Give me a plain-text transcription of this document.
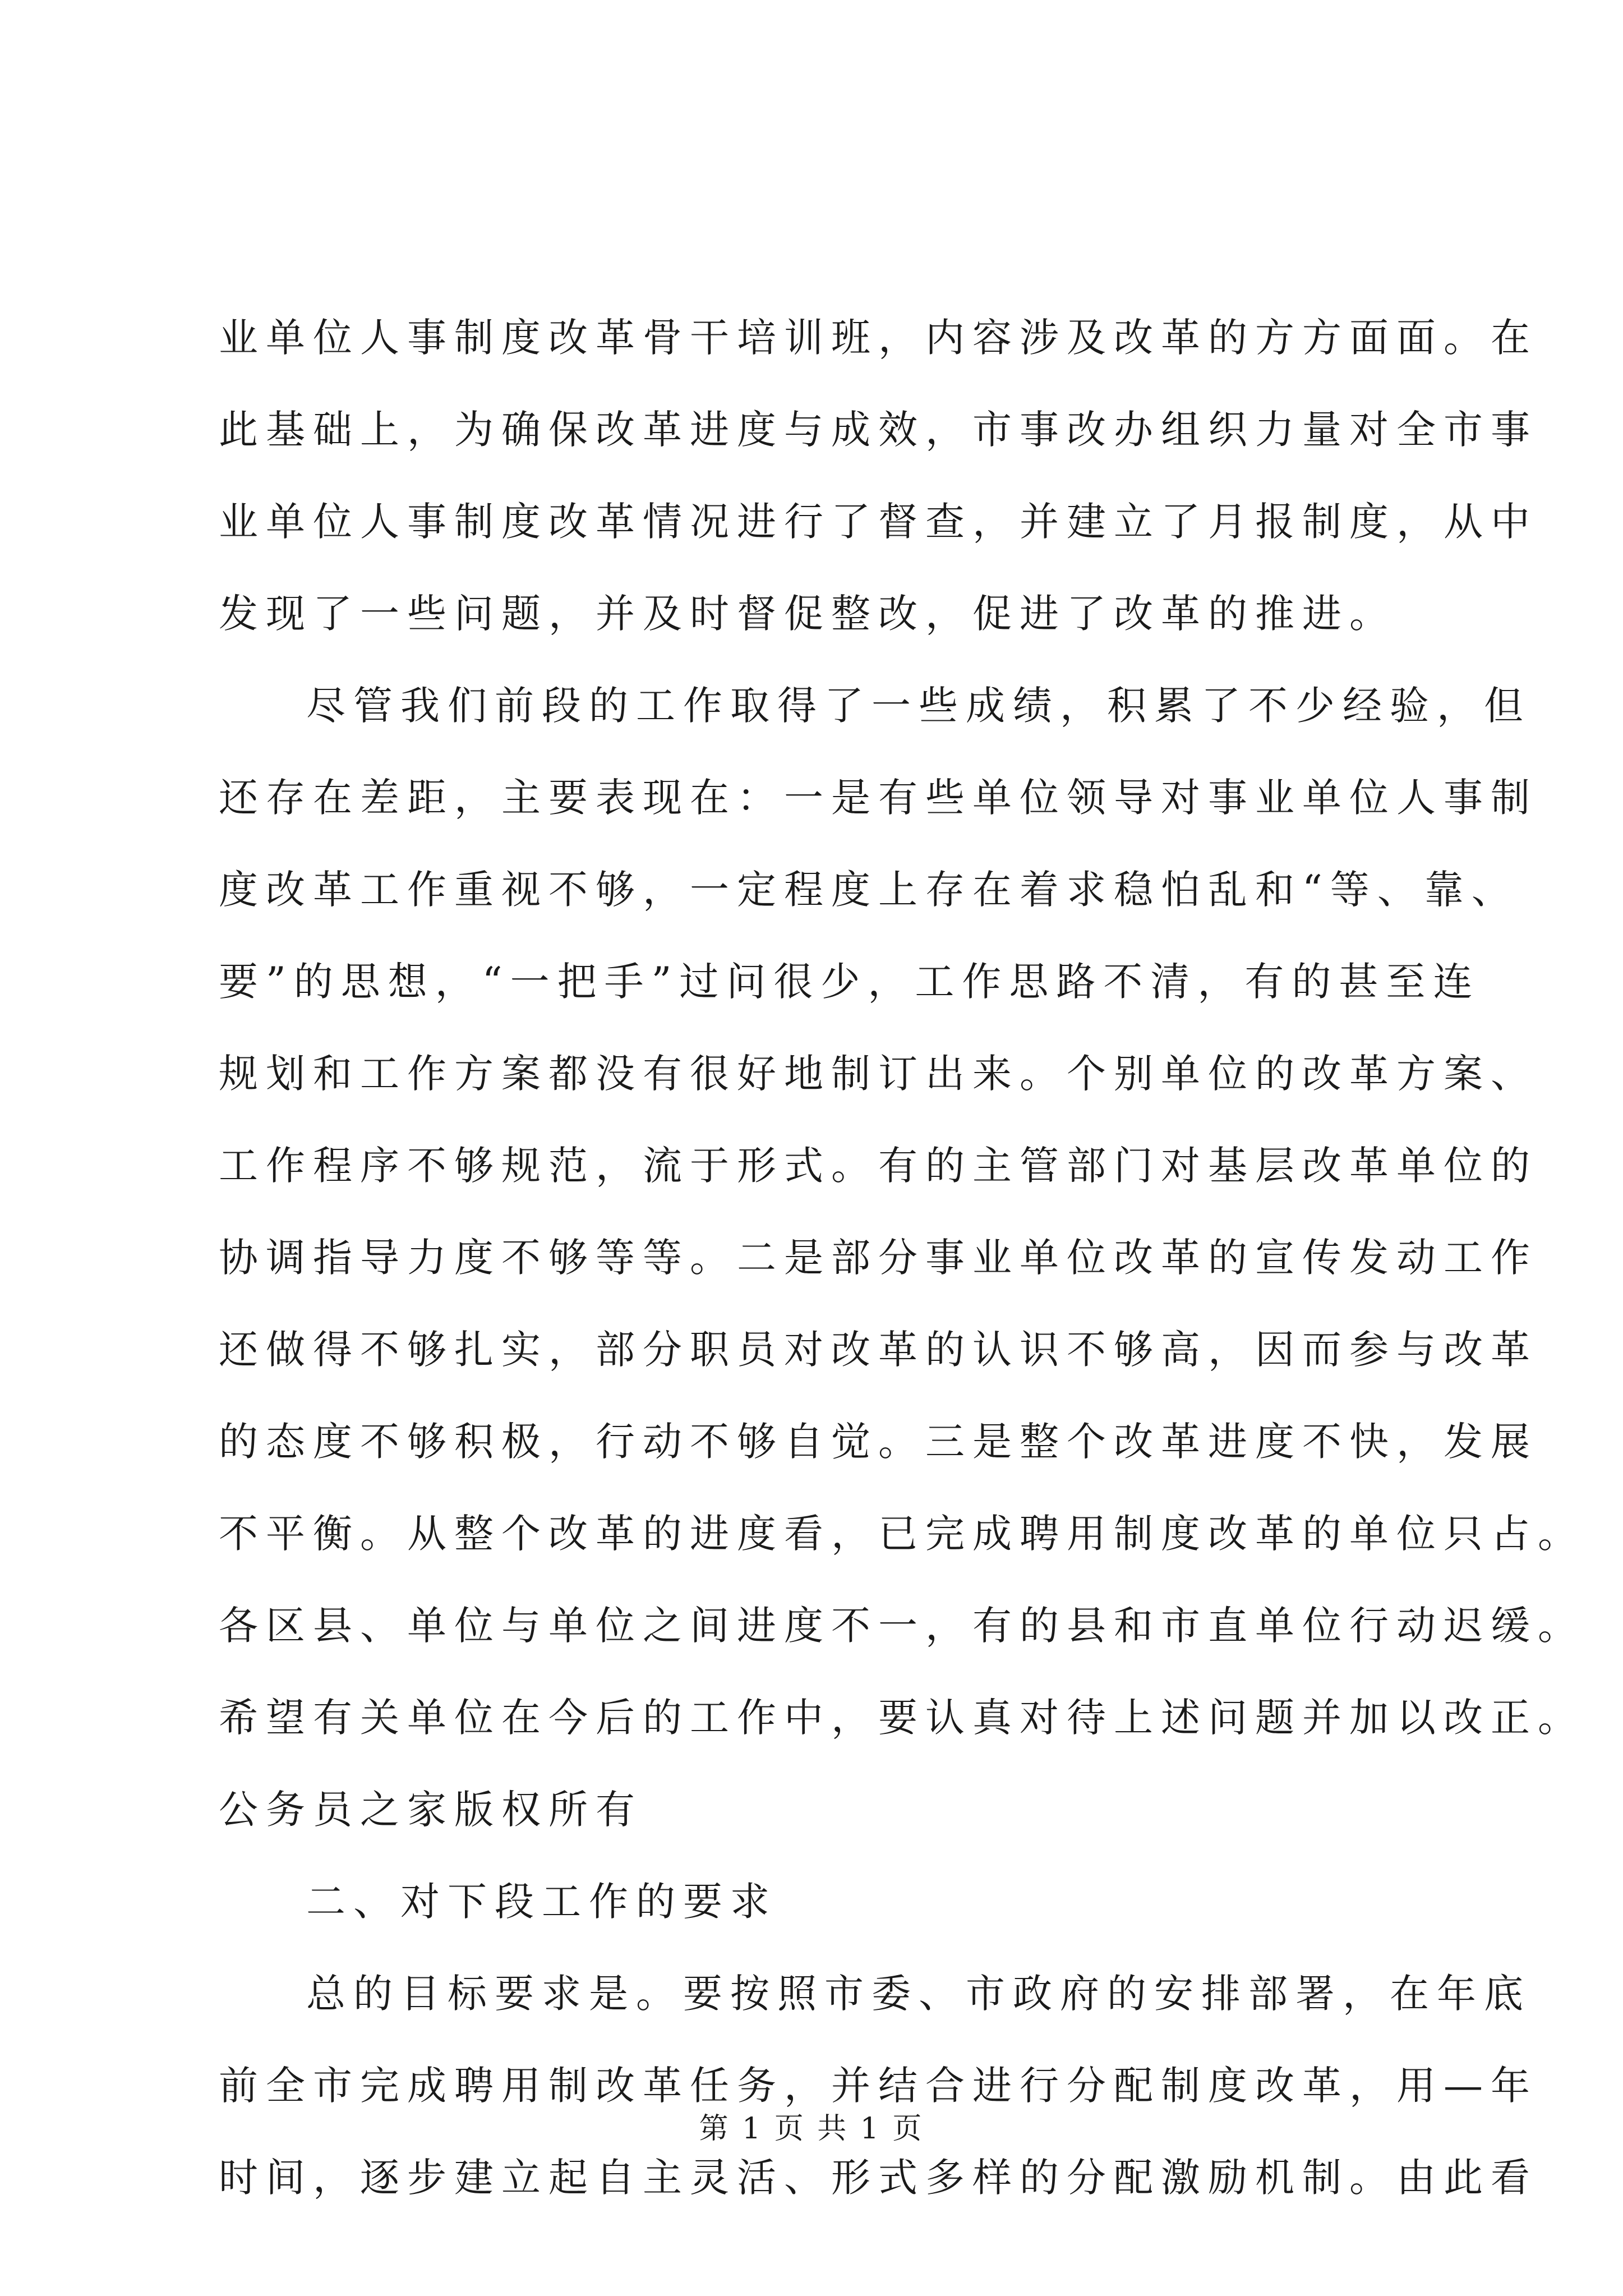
业单位人事制度改革骨干培训班，内容涉及改革的方方面面。在
此基础上，为确保改革进度与成效，市事改办组织力量对全市事
业单位人事制度改革情况进行了督查，并建立了月报制度，从中
发现了一些问题，并及时督促整改，促进了改革的推进。
尽管我们前段的工作取得了一些成绩，积累了不少经验，但
还存在差距，主要表现在：一是有些单位领导对事业单位人事制
度改革工作重视不够，一定程度上存在着求稳怕乱和“等、靠、
要”的思想，“一把手”过问很少，工作思路不清，有的甚至连
规划和工作方案都没有很好地制订出来。个别单位的改革方案、
工作程序不够规范，流于形式。有的主管部门对基层改革单位的
协调指导力度不够等等。二是部分事业单位改革的宣传发动工作
还做得不够扎实，部分职员对改革的认识不够高，因而参与改革
的态度不够积极，行动不够自觉。三是整个改革进度不快，发展
不平衡。从整个改革的进度看，已完成聘用制度改革的单位只占。
各区县、单位与单位之间进度不一，有的县和市直单位行动迟缓。
希望有关单位在今后的工作中，要认真对待上述问题并加以改正。
公务员之家版权所有
二、对下段工作的要求
总的目标要求是。要按照市委、市政府的安排部署，在年底
前全市完成聘用制改革任务，并结合进行分配制度改革，用—年
时间，逐步建立起自主灵活、形式多样的分配激励机制。由此看
第 1 页 共 1 页
